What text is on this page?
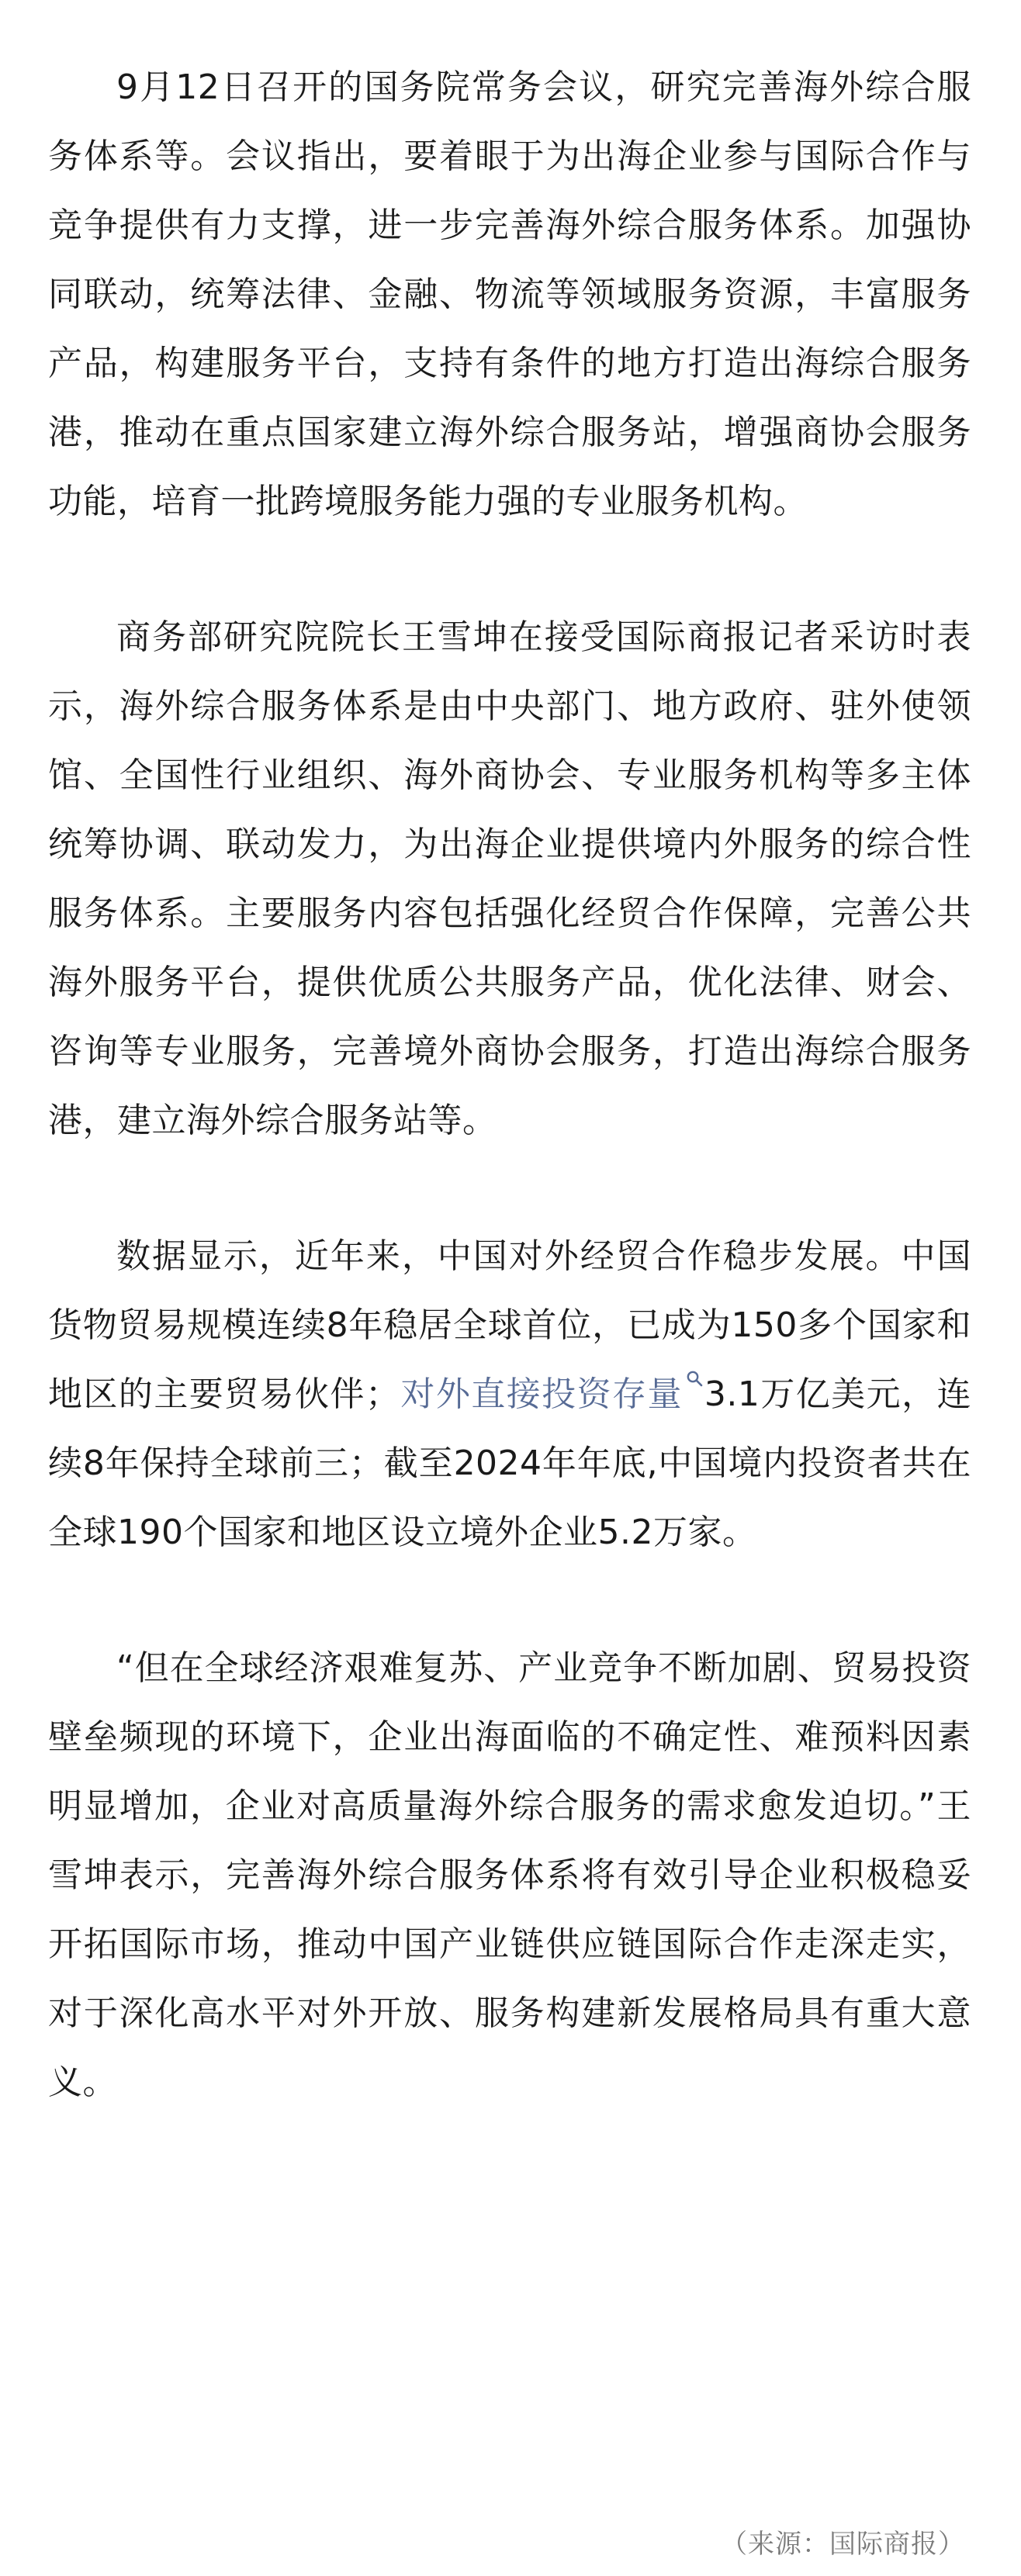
9月12日召开的国务院常务会议，研究完善海外综合服务体系等。会议指出，要着眼于为出海企业参与国际合作与竞争提供有力支撑，进一步完善海外综合服务体系。加强协同联动，统筹法律、金融、物流等领域服务资源，丰富服务产品，构建服务平台，支持有条件的地方打造出海综合服务港，推动在重点国家建立海外综合服务站，增强商协会服务功能，培育一批跨境服务能力强的专业服务机构。

商务部研究院院长王雪坤在接受国际商报记者采访时表示，海外综合服务体系是由中央部门、地方政府、驻外使领馆、全国性行业组织、海外商协会、专业服务机构等多主体统筹协调、联动发力，为出海企业提供境内外服务的综合性服务体系。主要服务内容包括强化经贸合作保障，完善公共海外服务平台，提供优质公共服务产品，优化法律、财会、咨询等专业服务，完善境外商协会服务，打造出海综合服务港，建立海外综合服务站等。

数据显示，近年来，中国对外经贸合作稳步发展。中国货物贸易规模连续8年稳居全球首位，已成为150多个国家和地区的主要贸易伙伴；对外直接投资存量 3.1万亿美元，连续8年保持全球前三；截至2024年年底,中国境内投资者共在全球190个国家和地区设立境外企业5.2万家。

“但在全球经济艰难复苏、产业竞争不断加剧、贸易投资壁垒频现的环境下，企业出海面临的不确定性、难预料因素明显增加，企业对高质量海外综合服务的需求愈发迫切。”王雪坤表示，完善海外综合服务体系将有效引导企业积极稳妥开拓国际市场，推动中国产业链供应链国际合作走深走实，对于深化高水平对外开放、服务构建新发展格局具有重大意义。

（来源：国际商报）
